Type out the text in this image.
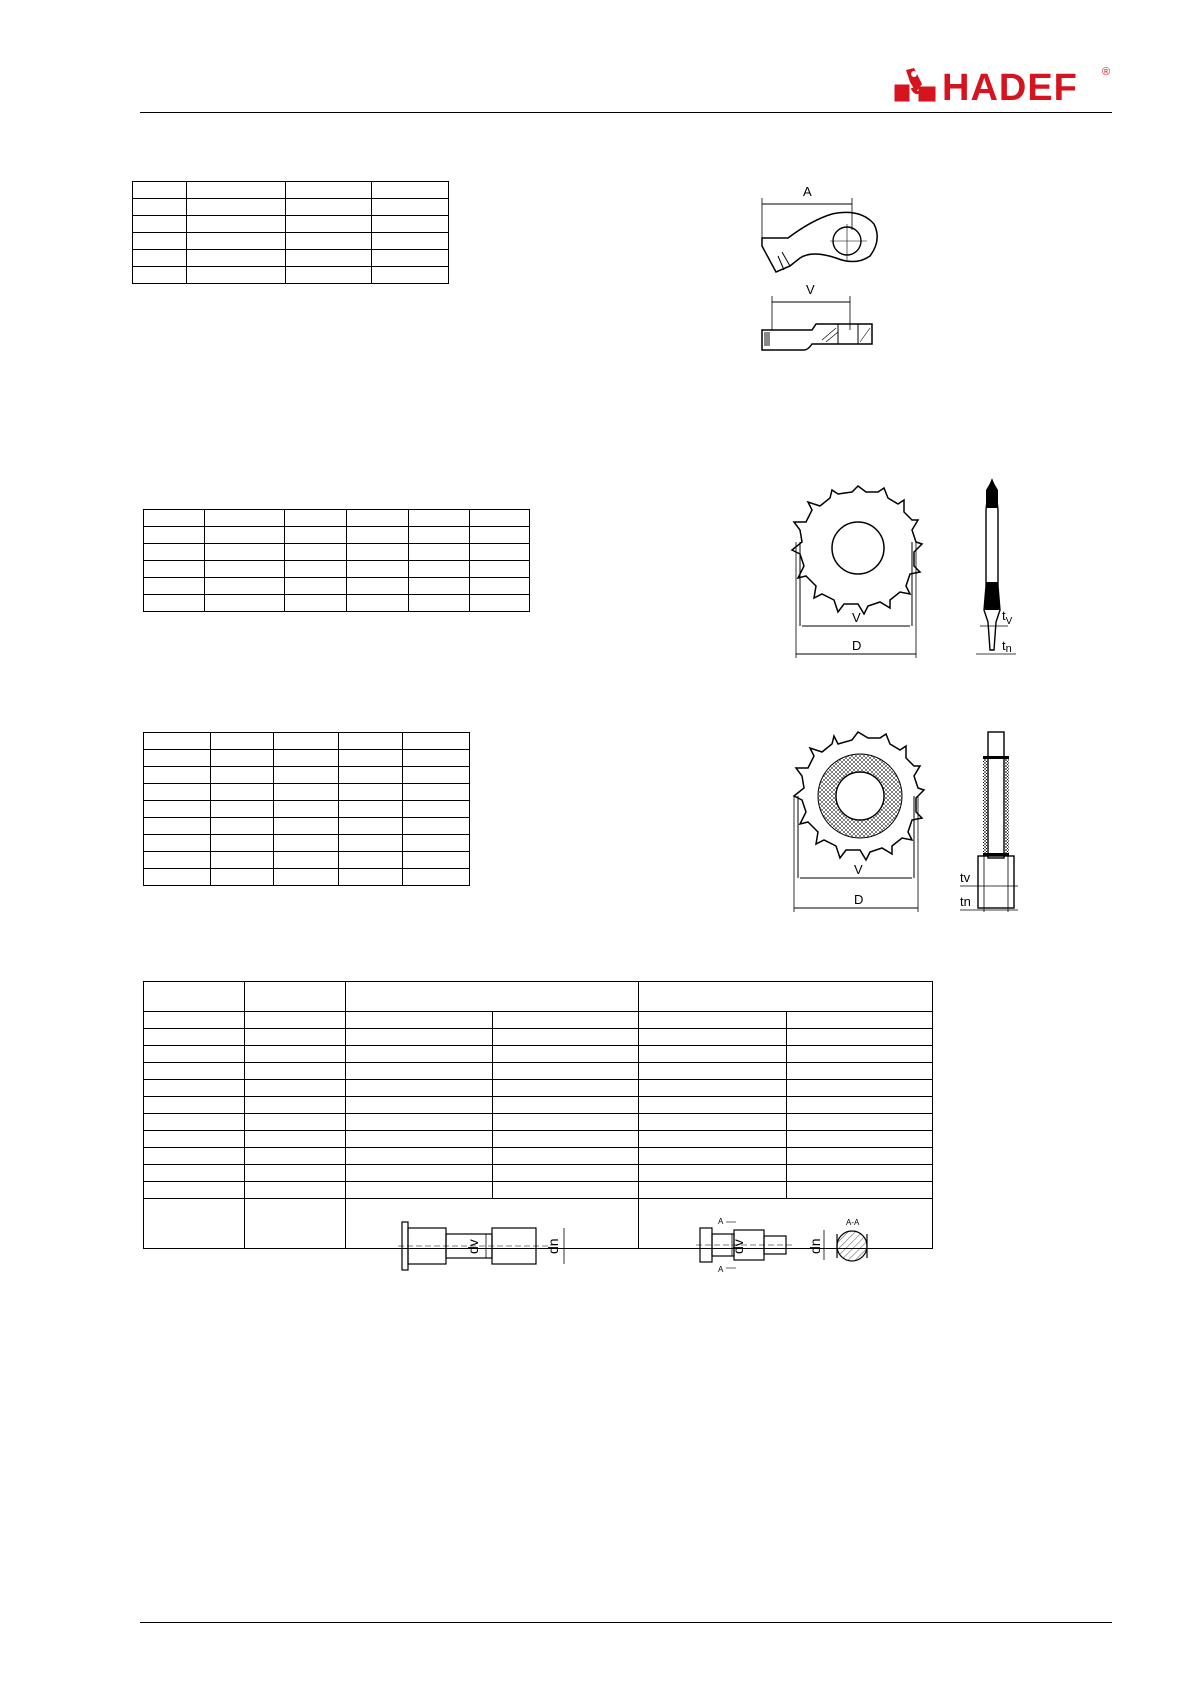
HADEF ®

A
V

V
D
$t_V$
tn

V
D
tv
tn

dv	dn
A
A
dv	dn
A-A
